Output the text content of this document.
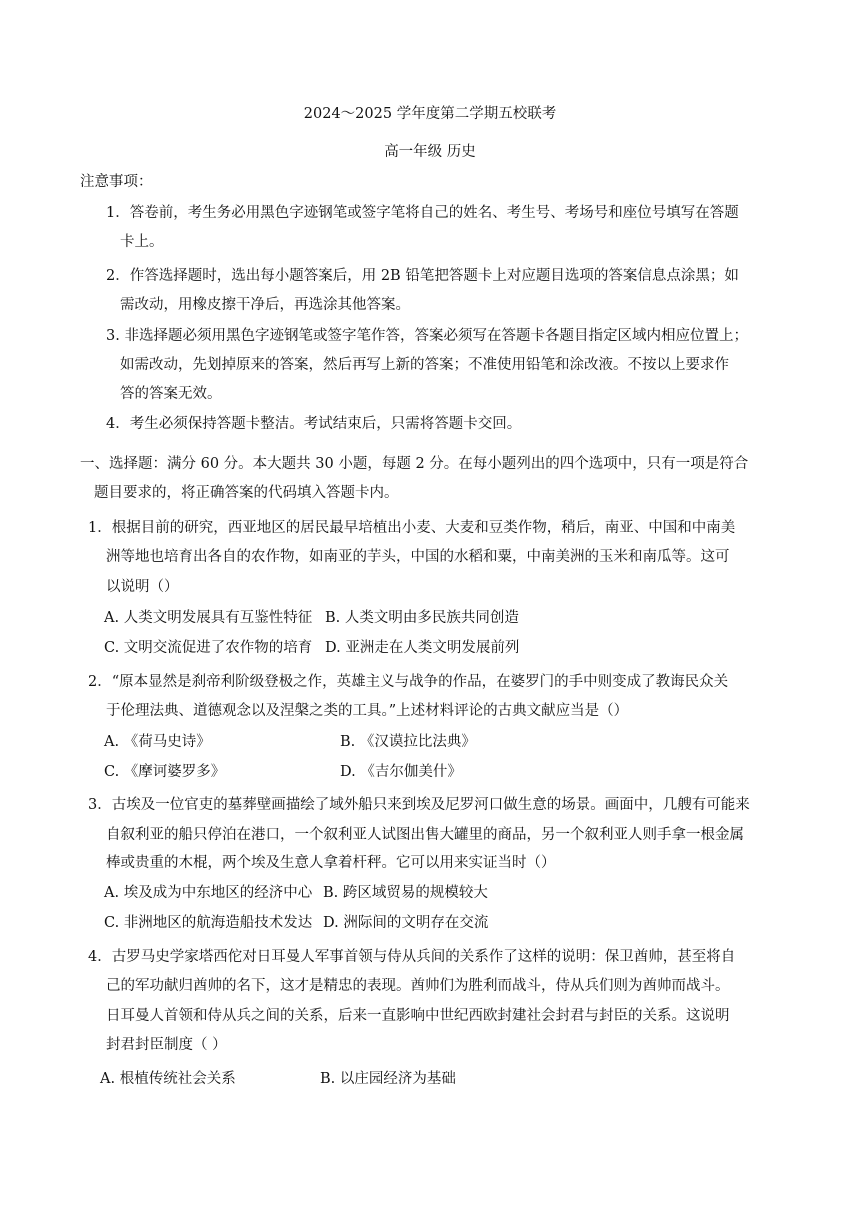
2024～2025 学年度第二学期五校联考
高一年级 历史
注意事项：
1．答卷前，考生务必用黑色字迹钢笔或签字笔将自己的姓名、考生号、考场号和座位号填写在答题
卡上。
2．作答选择题时，选出每小题答案后，用 2B 铅笔把答题卡上对应题目选项的答案信息点涂黑；如
需改动，用橡皮擦干净后，再选涂其他答案。
3. 非选择题必须用黑色字迹钢笔或签字笔作答，答案必须写在答题卡各题目指定区域内相应位置上；
如需改动，先划掉原来的答案，然后再写上新的答案；不准使用铅笔和涂改液。不按以上要求作
答的答案无效。
4．考生必须保持答题卡整洁。考试结束后，只需将答题卡交回。
一、选择题：满分 60 分。本大题共 30 小题，每题 2 分。在每小题列出的四个选项中，只有一项是符合
题目要求的，将正确答案的代码填入答题卡内。
1．根据目前的研究，西亚地区的居民最早培植出小麦、大麦和豆类作物，稍后，南亚、中国和中南美
洲等地也培育出各自的农作物，如南亚的芋头，中国的水稻和粟，中南美洲的玉米和南瓜等。这可
以说明（）
A. 人类文明发展具有互鉴性特征 B. 人类文明由多民族共同创造
C. 文明交流促进了农作物的培育 D. 亚洲走在人类文明发展前列
2．“原本显然是刹帝利阶级登极之作，英雄主义与战争的作品，在婆罗门的手中则变成了教诲民众关
于伦理法典、道德观念以及涅槃之类的工具。”上述材料评论的古典文献应当是（）
A. 《荷马史诗》	B. 《汉谟拉比法典》
C. 《摩诃婆罗多》	D. 《吉尔伽美什》
3．古埃及一位官吏的墓葬壁画描绘了域外船只来到埃及尼罗河口做生意的场景。画面中，几艘有可能来
自叙利亚的船只停泊在港口，一个叙利亚人试图出售大罐里的商品，另一个叙利亚人则手拿一根金属
棒或贵重的木棍，两个埃及生意人拿着杆秤。它可以用来实证当时（）
A. 埃及成为中东地区的经济中心 B. 跨区域贸易的规模较大
C. 非洲地区的航海造船技术发达 D. 洲际间的文明存在交流
4．古罗马史学家塔西佗对日耳曼人军事首领与侍从兵间的关系作了这样的说明：保卫酋帅，甚至将自
己的军功献归酋帅的名下，这才是精忠的表现。酋帅们为胜利而战斗，侍从兵们则为酋帅而战斗。
日耳曼人首领和侍从兵之间的关系，后来一直影响中世纪西欧封建社会封君与封臣的关系。这说明
封君封臣制度（ ）
A. 根植传统社会关系	B. 以庄园经济为基础
